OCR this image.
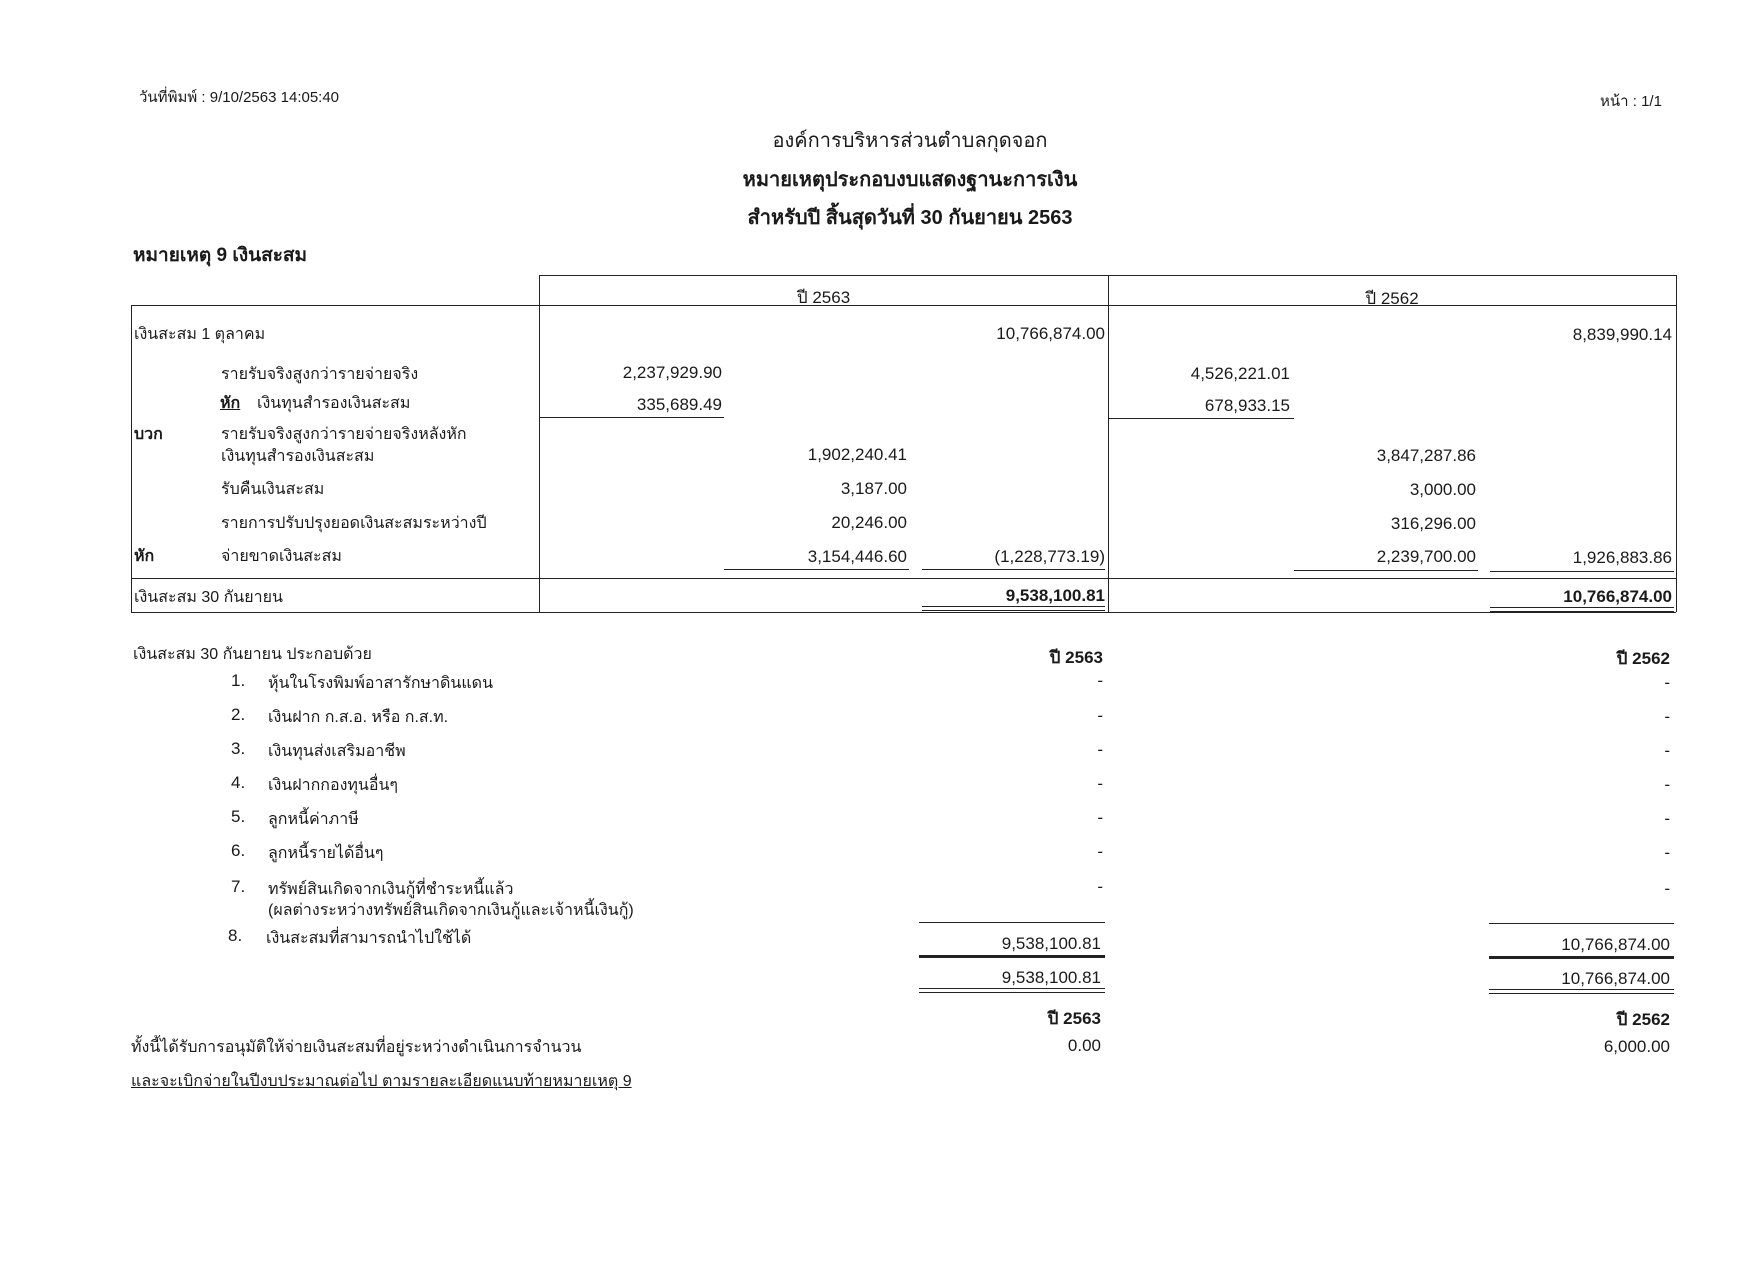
วันที่พิมพ์ : 9/10/2563 14:05:40	หน้า : 1/1
องค์การบริหารส่วนตำบลกุดจอก
หมายเหตุประกอบงบแสดงฐานะการเงิน
สำหรับปี สิ้นสุดวันที่ 30 กันยายน 2563
หมายเหตุ 9 เงินสะสม
ปี 2563	ปี 2562
เงินสะสม 1 ตุลาคม	10,766,874.00	8,839,990.14
รายรับจริงสูงกว่ารายจ่ายจริง	2,237,929.90	4,526,221.01
หัก เงินทุนสำรองเงินสะสม	335,689.49	678,933.15
บวก	รายรับจริงสูงกว่ารายจ่ายจริงหลังหัก
เงินทุนสำรองเงินสะสม	1,902,240.41	3,847,287.86
รับคืนเงินสะสม	3,187.00	3,000.00
รายการปรับปรุงยอดเงินสะสมระหว่างปี	20,246.00	316,296.00
หัก	จ่ายขาดเงินสะสม	3,154,446.60	(1,228,773.19)	2,239,700.00	1,926,883.86
เงินสะสม 30 กันยายน	9,538,100.81	10,766,874.00
เงินสะสม 30 กันยายน ประกอบด้วย	ปี 2563	ปี 2562
1. หุ้นในโรงพิมพ์อาสารักษาดินแดน	-	-
2. เงินฝาก ก.ส.อ. หรือ ก.ส.ท.	-	-
3. เงินทุนส่งเสริมอาชีพ	-	-
4. เงินฝากกองทุนอื่นๆ	-	-
5. ลูกหนี้ค่าภาษี	-	-
6. ลูกหนี้รายได้อื่นๆ	-	-
7. ทรัพย์สินเกิดจากเงินกู้ที่ชำระหนี้แล้ว
(ผลต่างระหว่างทรัพย์สินเกิดจากเงินกู้และเจ้าหนี้เงินกู้)
-	-
8. เงินสะสมที่สามารถนำไปใช้ได้	9,538,100.81	10,766,874.00
9,538,100.81	10,766,874.00
ปี 2563	ปี 2562
ทั้งนี้ได้รับการอนุมัติให้จ่ายเงินสะสมที่อยู่ระหว่างดำเนินการจำนวน	0.00	6,000.00
และจะเบิกจ่ายในปีงบประมาณต่อไป ตามรายละเอียดแนบท้ายหมายเหตุ 9
